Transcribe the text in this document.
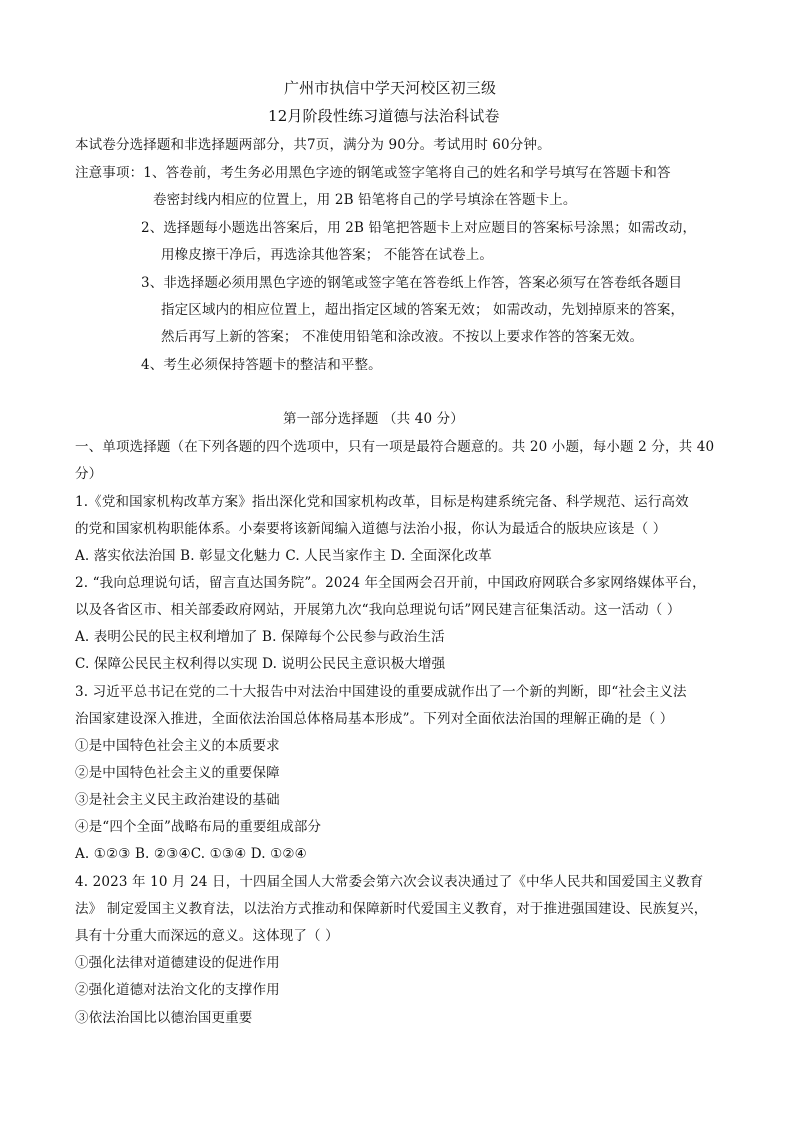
广州市执信中学天河校区初三级
12月阶段性练习道德与法治科试卷
本试卷分选择题和非选择题两部分，共7页，满分为 90分。考试用时 60分钟。
注意事项：1、答卷前，考生务必用黑色字迹的钢笔或签字笔将自己的姓名和学号填写在答题卡和答
卷密封线内相应的位置上，用 2B 铅笔将自己的学号填涂在答题卡上。
2、选择题每小题选出答案后，用 2B 铅笔把答题卡上对应题目的答案标号涂黑；如需改动，
用橡皮擦干净后，再选涂其他答案； 不能答在试卷上。
3、非选择题必须用黑色字迹的钢笔或签字笔在答卷纸上作答，答案必须写在答卷纸各题目
指定区域内的相应位置上，超出指定区域的答案无效； 如需改动，先划掉原来的答案，
然后再写上新的答案； 不准使用铅笔和涂改液。不按以上要求作答的答案无效。
4、考生必须保持答题卡的整洁和平整。
第一部分选择题 （共 40 分）
一、单项选择题（在下列各题的四个选项中，只有一项是最符合题意的。共 20 小题，每小题 2 分，共 40
分）
1.《党和国家机构改革方案》指出深化党和国家机构改革，目标是构建系统完备、科学规范、运行高效
的党和国家机构职能体系。小秦要将该新闻编入道德与法治小报，你认为最适合的版块应该是（ ）
A. 落实依法治国 B. 彰显文化魅力 C. 人民当家作主 D. 全面深化改革
2. “我向总理说句话，留言直达国务院”。2024 年全国两会召开前，中国政府网联合多家网络媒体平台，
以及各省区市、相关部委政府网站，开展第九次“我向总理说句话”网民建言征集活动。这一活动（ ）
A. 表明公民的民主权利增加了 B. 保障每个公民参与政治生活
C. 保障公民民主权利得以实现 D. 说明公民民主意识极大增强
3. 习近平总书记在党的二十大报告中对法治中国建设的重要成就作出了一个新的判断，即“社会主义法
治国家建设深入推进，全面依法治国总体格局基本形成”。下列对全面依法治国的理解正确的是（ ）
①是中国特色社会主义的本质要求
②是中国特色社会主义的重要保障
③是社会主义民主政治建设的基础
④是“四个全面”战略布局的重要组成部分
A. ①②③ B. ②③④C. ①③④ D. ①②④
4. 2023 年 10 月 24 日，十四届全国人大常委会第六次会议表决通过了《中华人民共和国爱国主义教育
法》 制定爱国主义教育法，以法治方式推动和保障新时代爱国主义教育，对于推进强国建设、民族复兴，
具有十分重大而深远的意义。这体现了（ ）
①强化法律对道德建设的促进作用
②强化道德对法治文化的支撑作用
③依法治国比以德治国更重要
